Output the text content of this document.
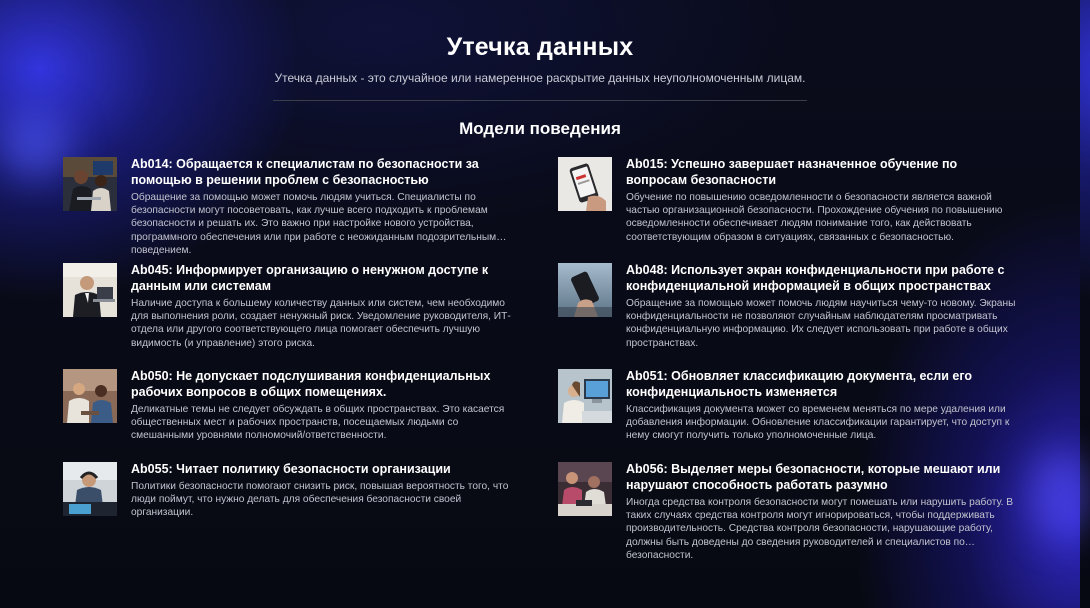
Утечка данных
Утечка данных - это случайное или намеренное раскрытие данных неуполномоченным лицам.
Модели поведения
Ab014: Обращается к специалистам по безопасности за помощью в решении проблем с безопасностью
Обращение за помощью может помочь людям учиться. Специалисты по безопасности могут посоветовать, как лучше всего подходить к проблемам безопасности и решать их. Это важно при настройке нового устройства, программного обеспечения или при работе с неожиданным подозрительным поведением.
Ab015: Успешно завершает назначенное обучение по вопросам безопасности
Обучение по повышению осведомленности о безопасности является важной частью организационной безопасности. Прохождение обучения по повышению осведомленности обеспечивает людям понимание того, как действовать соответствующим образом в ситуациях, связанных с безопасностью.
Ab045: Информирует организацию о ненужном доступе к данным или системам
Наличие доступа к большему количеству данных или систем, чем необходимо для выполнения роли, создает ненужный риск. Уведомление руководителя, ИТ-отдела или другого соответствующего лица помогает обеспечить лучшую видимость (и управление) этого риска.
Ab048: Использует экран конфиденциальности при работе с конфиденциальной информацией в общих пространствах
Обращение за помощью может помочь людям научиться чему-то новому. Экраны конфиденциальности не позволяют случайным наблюдателям просматривать конфиденциальную информацию. Их следует использовать при работе в общих пространствах.
Ab050: Не допускает подслушивания конфиденциальных рабочих вопросов в общих помещениях.
Деликатные темы не следует обсуждать в общих пространствах. Это касается общественных мест и рабочих пространств, посещаемых людьми со смешанными уровнями полномочий/ответственности.
Ab051: Обновляет классификацию документа, если его конфиденциальность изменяется
Классификация документа может со временем меняться по мере удаления или добавления информации. Обновление классификации гарантирует, что доступ к нему смогут получить только уполномоченные лица.
Ab055: Читает политику безопасности организации
Политики безопасности помогают снизить риск, повышая вероятность того, что люди поймут, что нужно делать для обеспечения безопасности своей организации.
Ab056: Выделяет меры безопасности, которые мешают или нарушают способность работать разумно
Иногда средства контроля безопасности могут помешать или нарушить работу. В таких случаях средства контроля могут игнорироваться, чтобы поддерживать производительность. Средства контроля безопасности, нарушающие работу, должны быть доведены до сведения руководителей и специалистов по безопасности.
